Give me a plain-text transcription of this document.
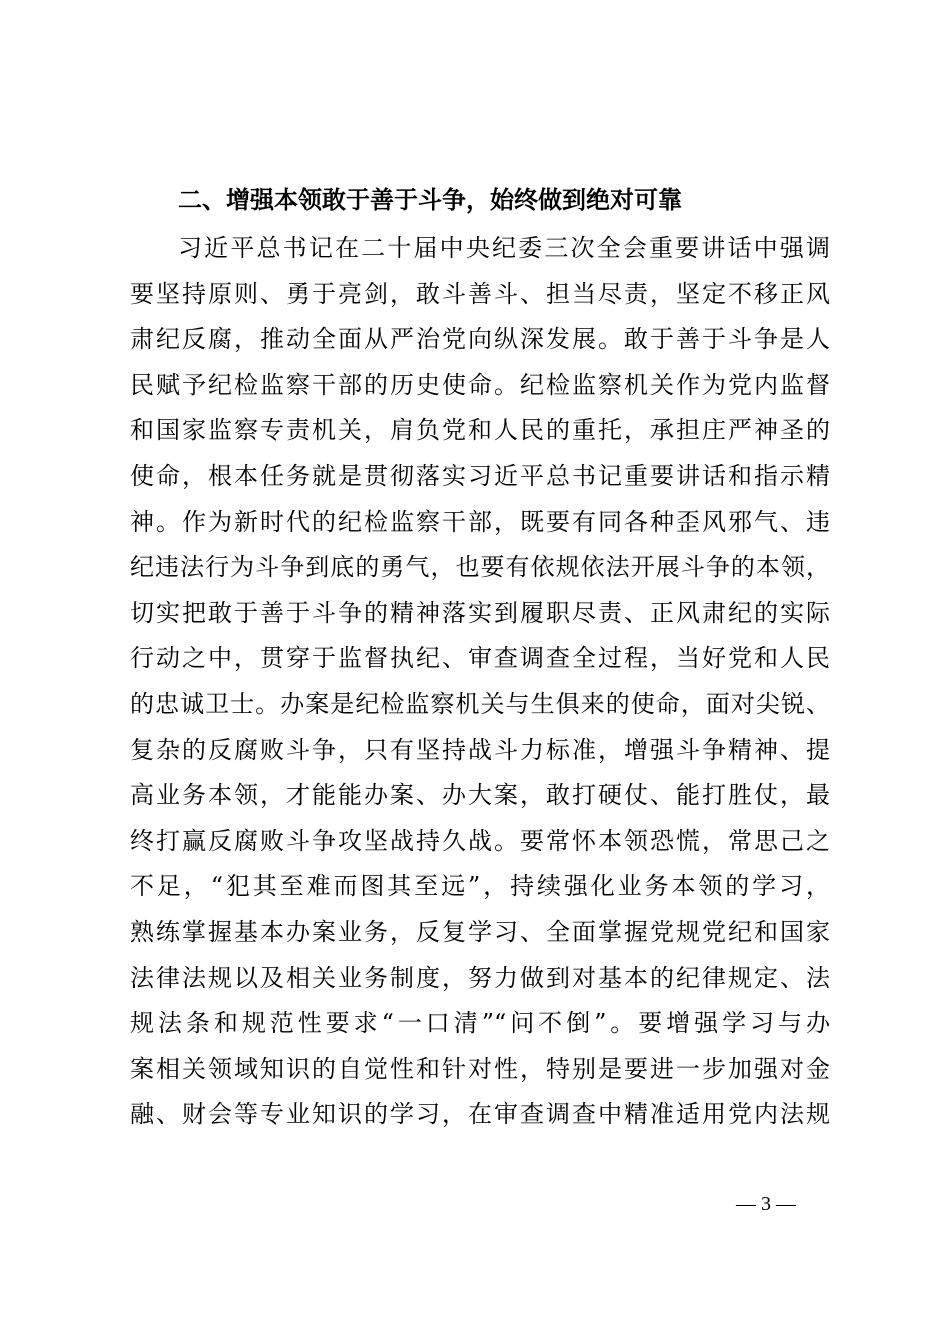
二、增强本领敢于善于斗争，始终做到绝对可靠
习近平总书记在二十届中央纪委三次全会重要讲话中强调
要坚持原则、勇于亮剑，敢斗善斗、担当尽责，坚定不移正风
肃纪反腐，推动全面从严治党向纵深发展。敢于善于斗争是人
民赋予纪检监察干部的历史使命。纪检监察机关作为党内监督
和国家监察专责机关，肩负党和人民的重托，承担庄严神圣的
使命，根本任务就是贯彻落实习近平总书记重要讲话和指示精
神。作为新时代的纪检监察干部，既要有同各种歪风邪气、违
纪违法行为斗争到底的勇气，也要有依规依法开展斗争的本领，
切实把敢于善于斗争的精神落实到履职尽责、正风肃纪的实际
行动之中，贯穿于监督执纪、审查调查全过程，当好党和人民
的忠诚卫士。办案是纪检监察机关与生俱来的使命，面对尖锐、
复杂的反腐败斗争，只有坚持战斗力标准，增强斗争精神、提
高业务本领，才能能办案、办大案，敢打硬仗、能打胜仗，最
终打赢反腐败斗争攻坚战持久战。要常怀本领恐慌，常思己之
不足，“犯其至难而图其至远”，持续强化业务本领的学习，
熟练掌握基本办案业务，反复学习、全面掌握党规党纪和国家
法律法规以及相关业务制度，努力做到对基本的纪律规定、法
规法条和规范性要求“一口清”“问不倒”。要增强学习与办
案相关领域知识的自觉性和针对性，特别是要进一步加强对金
融、财会等专业知识的学习，在审查调查中精准适用党内法规
— 3 —
